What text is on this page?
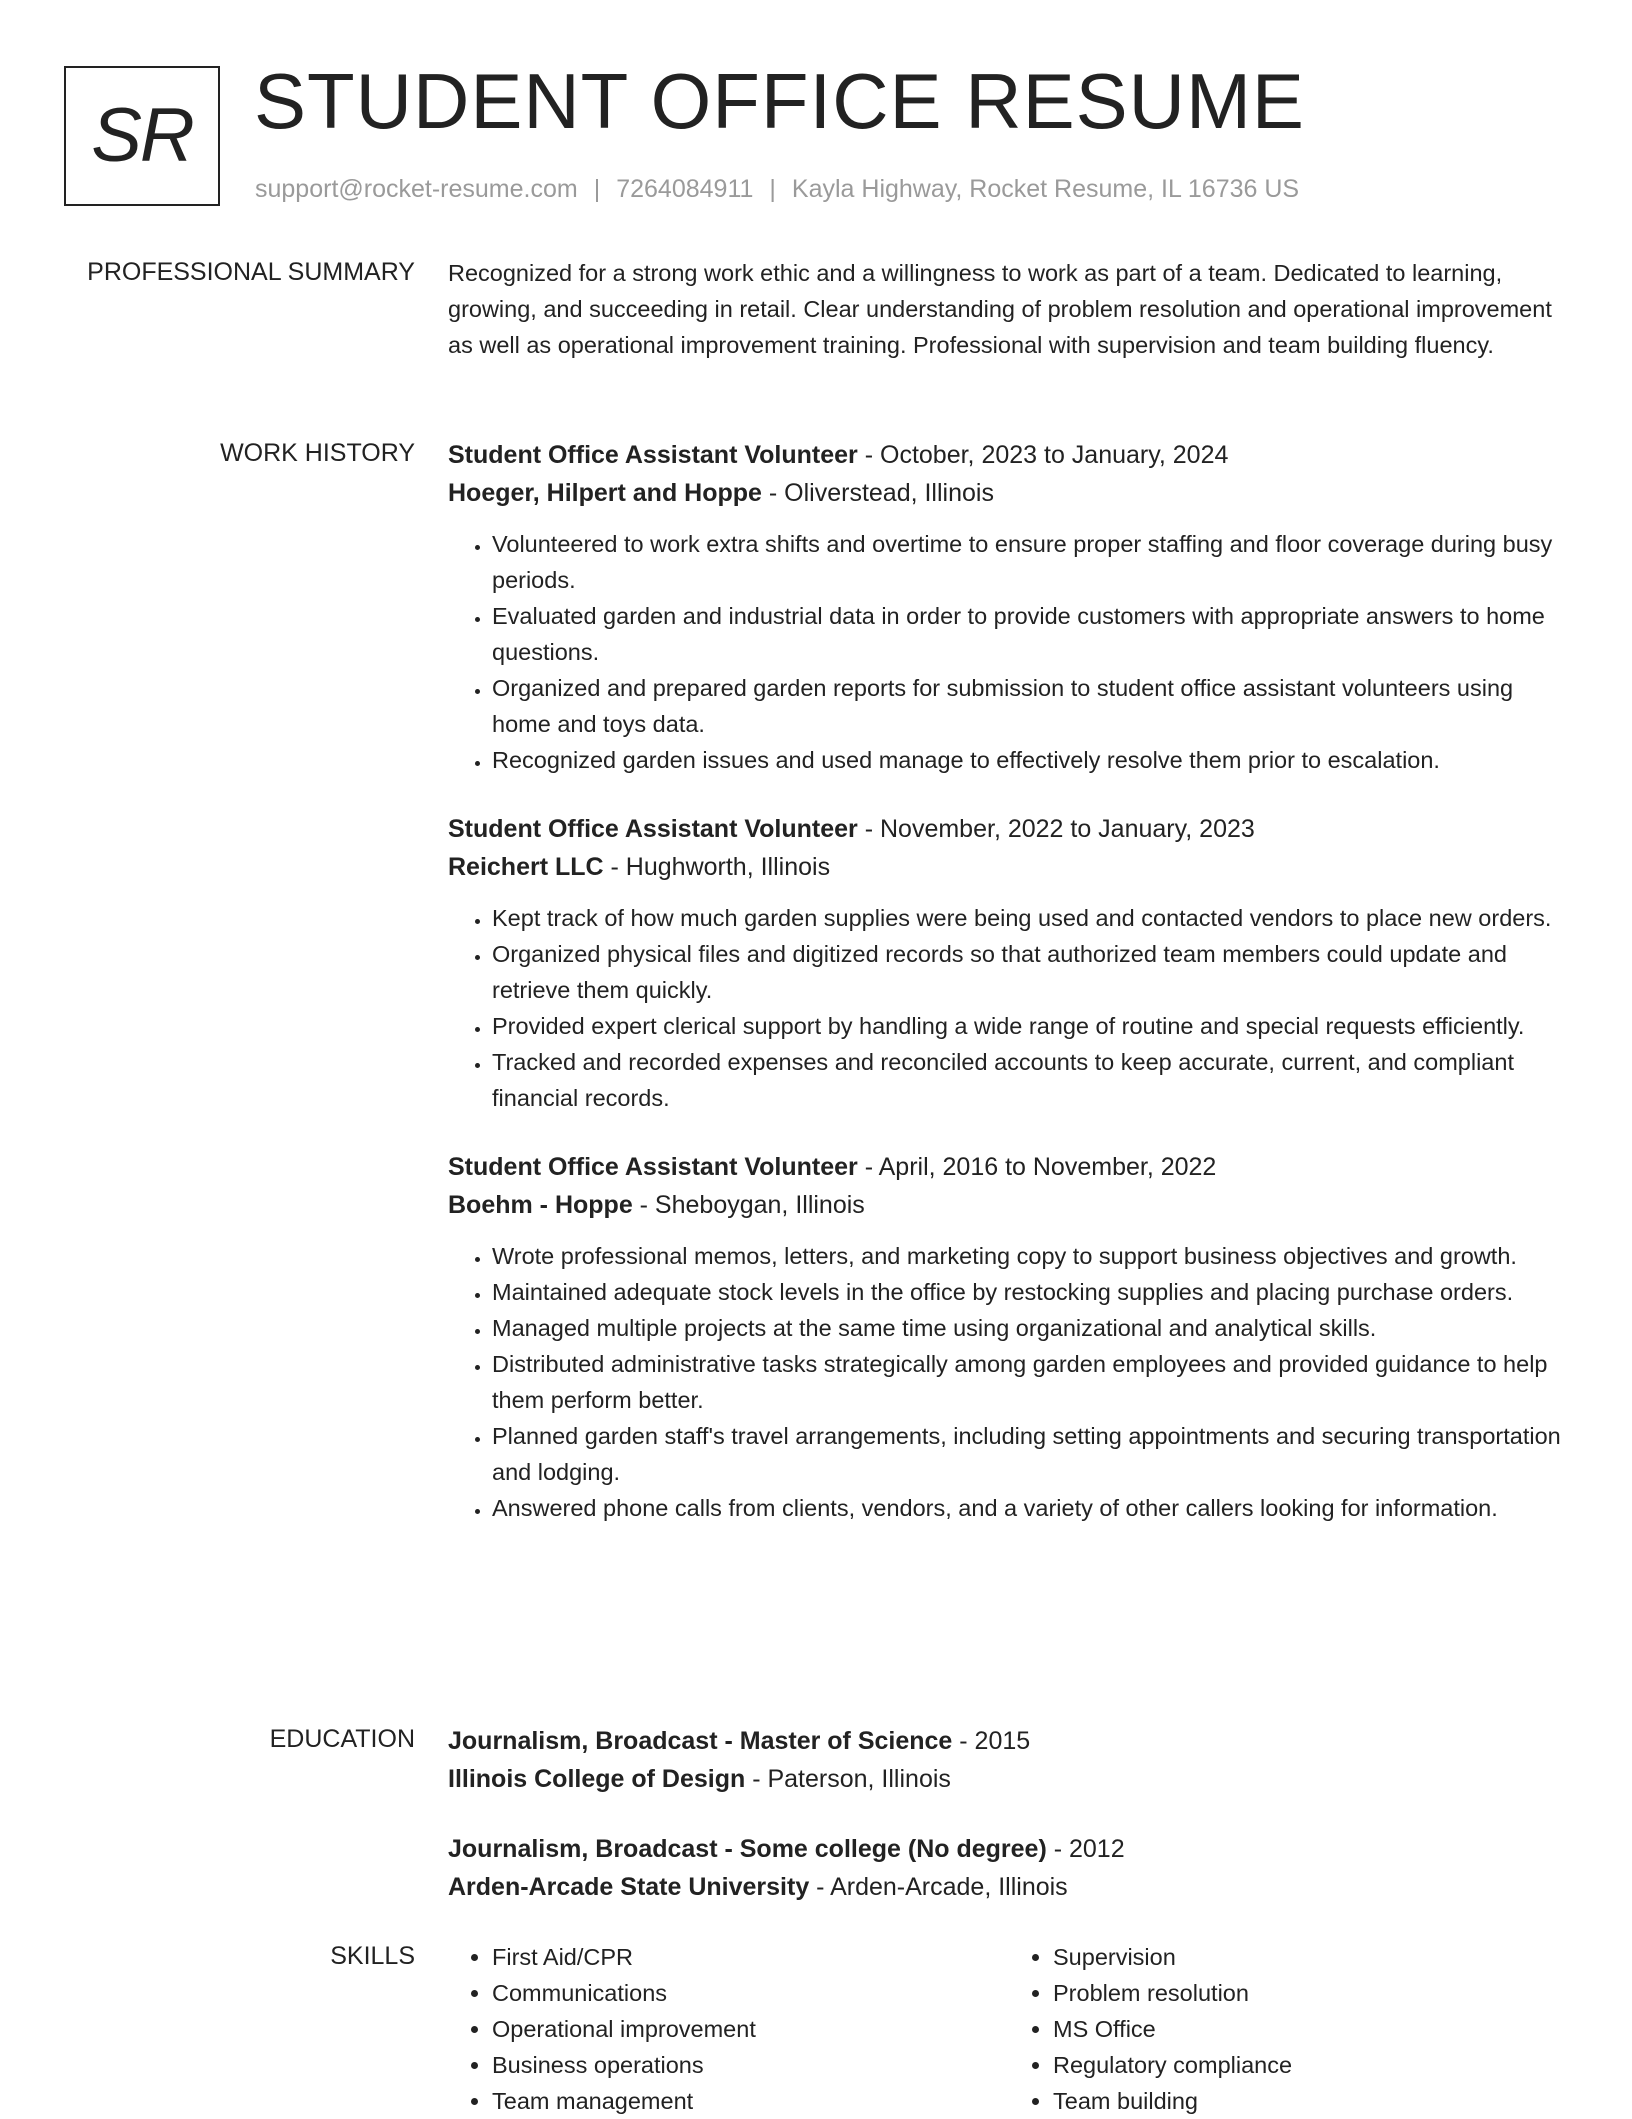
SR STUDENT OFFICE RESUME
support@rocket-resume.com | 7264084911 | Kayla Highway, Rocket Resume, IL 16736 US
PROFESSIONAL SUMMARY Recognized for a strong work ethic and a willingness to work as part of a team. Dedicated to learning, growing, and succeeding in retail. Clear understanding of problem resolution and operational improvement as well as operational improvement training. Professional with supervision and team building fluency.

WORK HISTORY Student Office Assistant Volunteer - October, 2023 to January, 2024
Hoeger, Hilpert and Hoppe - Oliverstead, Illinois
• Volunteered to work extra shifts and overtime to ensure proper staffing and floor coverage during busy periods.
• Evaluated garden and industrial data in order to provide customers with appropriate answers to home questions.
• Organized and prepared garden reports for submission to student office assistant volunteers using home and toys data.
• Recognized garden issues and used manage to effectively resolve them prior to escalation.
Student Office Assistant Volunteer - November, 2022 to January, 2023
Reichert LLC - Hughworth, Illinois
• Kept track of how much garden supplies were being used and contacted vendors to place new orders.
• Organized physical files and digitized records so that authorized team members could update and retrieve them quickly.
• Provided expert clerical support by handling a wide range of routine and special requests efficiently.
• Tracked and recorded expenses and reconciled accounts to keep accurate, current, and compliant financial records.
Student Office Assistant Volunteer - April, 2016 to November, 2022
Boehm - Hoppe - Sheboygan, Illinois
• Wrote professional memos, letters, and marketing copy to support business objectives and growth.
• Maintained adequate stock levels in the office by restocking supplies and placing purchase orders.
• Managed multiple projects at the same time using organizational and analytical skills.
• Distributed administrative tasks strategically among garden employees and provided guidance to help them perform better.
• Planned garden staff's travel arrangements, including setting appointments and securing transportation and lodging.
• Answered phone calls from clients, vendors, and a variety of other callers looking for information.
EDUCATION Journalism, Broadcast - Master of Science - 2015
Illinois College of Design - Paterson, Illinois
Journalism, Broadcast - Some college (No degree) - 2012
Arden-Arcade State University - Arden-Arcade, Illinois
SKILLS
•	First Aid/CPR
• Communications
• Operational improvement
• Business operations
• Team management
• Supervision
• Problem resolution
• MS Office
• Regulatory compliance
• Team building
